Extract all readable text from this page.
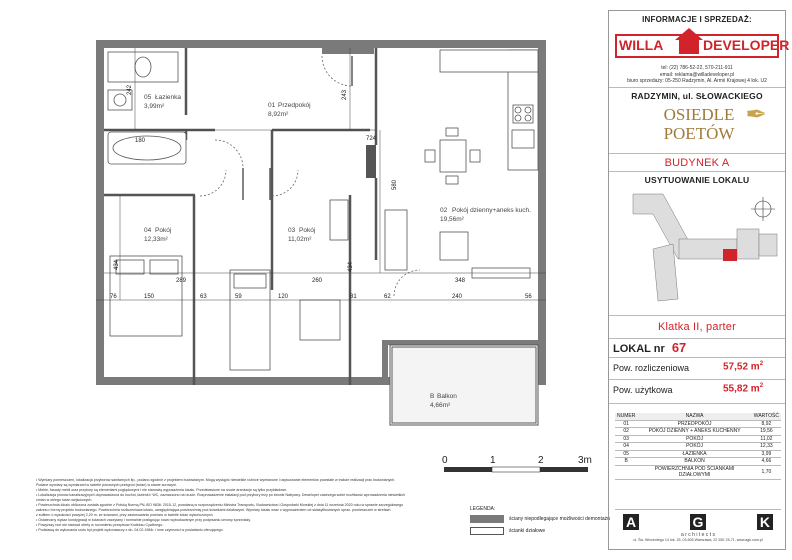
242
180
243
724
580
434
289	260
434
348
76	150	63	59	120	81	62	240	56
05 Łazienka
3,99m²	01 Przedpokój
8,92m²
02 Pokój dzienny+aneks kuch.
19,56m²
04 Pokój
12,33m²
03 Pokój
11,02m²
B Balkon
4,66m²
0	1	2	3m
• Wymiary pomieszczeń, lokalizacja przyborów sanitarnych itp., podano zgodnie z projektem budowlanym. Mogą wystąpić niewielkie różnice wymiarowe i usytuowanie elementów powstałe w trakcie realizacji prac budowlanych.
Podane wymiary są wymiarami w świetle ponosnych przegród (ścian) w stanie surowym.
• Meble, fasady mebli oraz przybory są elementami poglądowymi i nie stanowią wyposażenia lokalu. Przedstawione na rzucie aranżacje są tylko przykładowe.
• Lokalizacja pionów kanalizacyjnych doprowadzona do kuchni, łazienki i WC, zaznaczono na rzucie. Rozprowadzenie instalacji pod przybory leży po stronie Nabywcy. Deweloper zastrzega sobie możliwość wprowadzenia niewielkich
zmian w obiegu ścian wejściowych.
• Powierzchnia lokalu obliczona została zgodnie z Polską Normą PN-ISO 9836: 2015-12, powołaną w rozporządzeniu Ministra Transportu, Budownictwa i Gospodarki Morskiej z dnia 11 września 2020 roku w sprawie szczegółowego
zakresu i formy projektu budowlanego. Powierzchnia rozliczeniowa lokalu, uwzględniająca powierzchnię pod ściankami działowymi. Wymiary lokalu wraz z wyposażeniem od sklasyfikowanych oprac. pomieszczeń w strefach
z sufitem o wysokości powyżej 2,20 m, ze ścianami, przy zastosowaniu pomiaru w świetle ścian wykończonych.
• Ostateczny wykaz kondygnacji w ścianach zaczytany i normalnie postępując nowo wybudowanym przy podpisaniu umowy sprzedaży.
• Powyższy rzut nie stanowi oferty w rozumieniu przepisów Kodeksu Cywilnego.
• Podstawą do wykonania rzutu był projekt wykonawczy z dn. 04.02.1984r. i inne czynności w posiadaniu oferującego.
LEGENDA:
ściany niepodlegające możliwości demontażu
ścianki działowe
INFORMACJE I SPRZEDAŻ:
WILLA	DEVELOPER
tel: (22) 786-52-22, 570-211-911
email: reklama@willadeveloper.pl
biuro sprzedaży: 05-250 Radzymin, Al. Armii Krajowej 4 lok. U2
RADZYMIN, ul. SŁOWACKIEGO
OSIEDLE
POETÓW
✒
BUDYNEK A
USYTUOWANIE LOKALU
Klatka II, parter
LOKAL nr 67
Pow. rozliczeniowa	57,52 $m^2$
Pow. użytkowa	55,82 $m^2$
NUMER	NAZWA	WARTOŚĆ
01	PRZEDPOKÓJ	8,92
02	POKÓJ DZIENNY + ANEKS KUCHENNY	19,56
03	POKÓJ	11,02
04	POKÓJ	12,33
05	ŁAZIENKA	3,99
B	BALKON	4,66
	POWIERZCHNIA POD ŚCIANKAMI DZIAŁOWYMI	1,70
A	G	K
a r c h i t e c t s
ul. Św. Wincentego 14 lok. 25, 03-505 Warszawa, 22 250-78-71, www.agk.com.pl
